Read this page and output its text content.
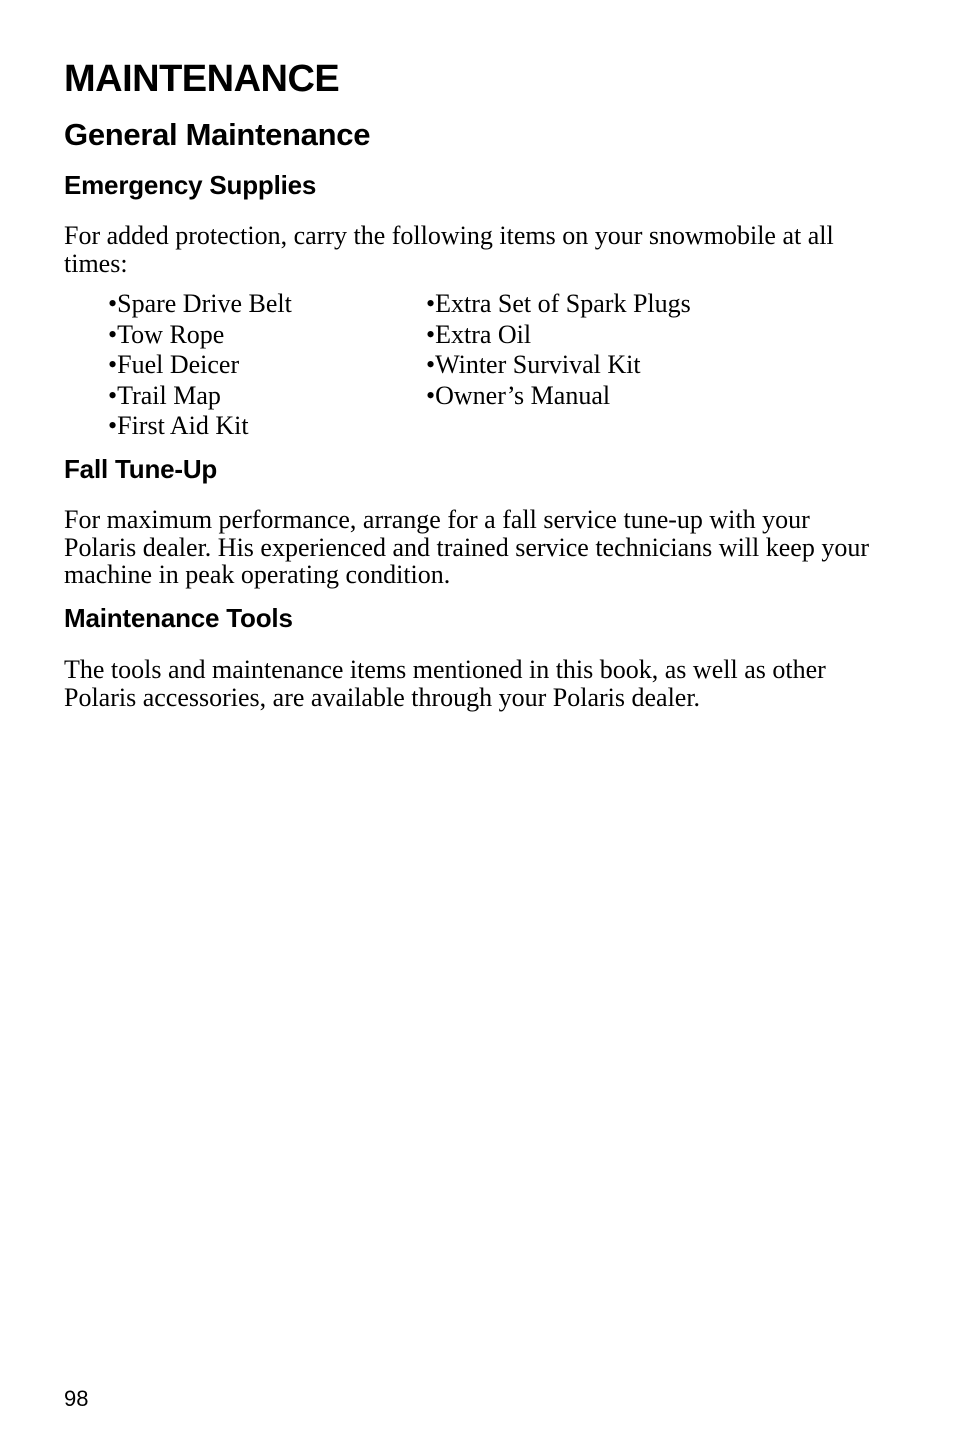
MAINTENANCE
General Maintenance
Emergency Supplies

For added protection, carry the following items on your snowmobile at all times:

•Spare Drive Belt
•Tow Rope
•Fuel Deicer
•Trail Map
•First Aid Kit
•Extra Set of Spark Plugs
•Extra Oil
•Winter Survival Kit
•Owner’s Manual
Fall Tune-Up

For maximum performance, arrange for a fall service tune-up with your Polaris dealer. His experienced and trained service technicians will keep your machine in peak operating condition.

Maintenance Tools

The tools and maintenance items mentioned in this book, as well as other Polaris accessories, are available through your Polaris dealer.

98
